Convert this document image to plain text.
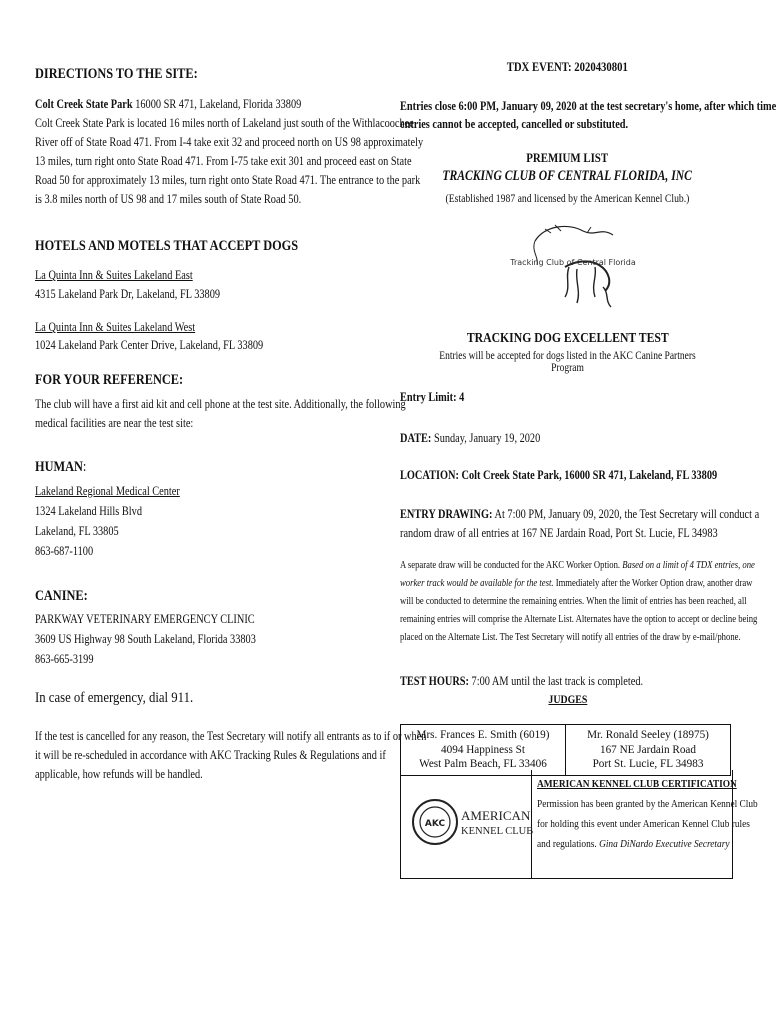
DIRECTIONS TO THE SITE:
Colt Creek State Park 16000 SR 471, Lakeland, Florida 33809
Colt Creek State Park is located 16 miles north of Lakeland just south of the Withlacoochee
River off of State Road 471. From I-4 take exit 32 and proceed north on US 98 approximately
13 miles, turn right onto State Road 471. From I-75 take exit 301 and proceed east on State
Road 50 for approximately 13 miles, turn right onto State Road 471. The entrance to the park
is 3.8 miles north of US 98 and 17 miles south of State Road 50.
HOTELS AND MOTELS THAT ACCEPT DOGS
La Quinta Inn & Suites Lakeland East
4315 Lakeland Park Dr, Lakeland, FL 33809
La Quinta Inn & Suites Lakeland West
1024 Lakeland Park Center Drive, Lakeland, FL 33809
FOR YOUR REFERENCE:
The club will have a first aid kit and cell phone at the test site. Additionally, the following
medical facilities are near the test site:
HUMAN:
Lakeland Regional Medical Center
1324 Lakeland Hills Blvd
Lakeland, FL 33805
863-687-1100
CANINE:
PARKWAY VETERINARY EMERGENCY CLINIC
3609 US Highway 98 South Lakeland, Florida 33803
863-665-3199
In case of emergency, dial 911.
If the test is cancelled for any reason, the Test Secretary will notify all entrants as to if or when
it will be re-scheduled in accordance with AKC Tracking Rules & Regulations and if
applicable, how refunds will be handled.
TDX EVENT: 2020430801
Entries close 6:00 PM, January 09, 2020 at the test secretary's home, after which time
entries cannot be accepted, cancelled or substituted.
PREMIUM LIST
TRACKING CLUB OF CENTRAL FLORIDA, INC
(Established 1987 and licensed by the American Kennel Club.)
Tracking Club of Central Florida
TRACKING DOG EXCELLENT TEST
Entries will be accepted for dogs listed in the AKC Canine Partners Program
Entry Limit: 4
DATE: Sunday, January 19, 2020
LOCATION: Colt Creek State Park, 16000 SR 471, Lakeland, FL 33809
ENTRY DRAWING: At 7:00 PM, January 09, 2020, the Test Secretary will conduct a
random draw of all entries at 167 NE Jardain Road, Port St. Lucie, FL 34983
A separate draw will be conducted for the AKC Worker Option. Based on a limit of 4 TDX entries, one
worker track would be available for the test. Immediately after the Worker Option draw, another draw
will be conducted to determine the remaining entries. When the limit of entries has been reached, all
remaining entries will comprise the Alternate List. Alternates have the option to accept or decline being
placed on the Alternate List. The Test Secretary will notify all entries of the draw by e-mail/phone.
TEST HOURS: 7:00 AM until the last track is completed.
JUDGES
Mrs. Frances E. Smith (6019)
4094 Happiness St
West Palm Beach, FL 33406

Mr. Ronald Seeley (18975)
167 NE Jardain Road
Port St. Lucie, FL 34983
AKC
AMERICAN
KENNEL CLUB
AMERICAN KENNEL CLUB CERTIFICATION
Permission has been granted by the American Kennel Club
for holding this event under American Kennel Club rules
and regulations. Gina DiNardo Executive Secretary
